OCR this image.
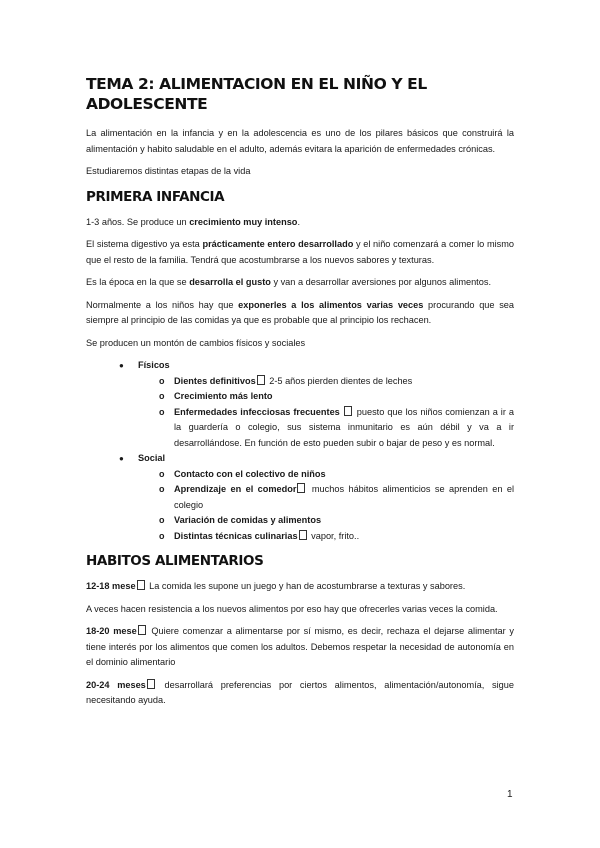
TEMA 2: ALIMENTACION EN EL NIÑO Y EL ADOLESCENTE

La alimentación en la infancia y en la adolescencia es uno de los pilares básicos que construirá la alimentación y habito saludable en el adulto, además evitara la aparición de enfermedades crónicas.

Estudiaremos distintas etapas de la vida

PRIMERA INFANCIA

1-3 años. Se produce un crecimiento muy intenso.

El sistema digestivo ya esta prácticamente entero desarrollado y el niño comenzará a comer lo mismo que el resto de la familia. Tendrá que acostumbrarse a los nuevos sabores y texturas.

Es la época en la que se desarrolla el gusto y van a desarrollar aversiones por algunos alimentos.

Normalmente a los niños hay que exponerles a los alimentos varias veces procurando que sea siempre al principio de las comidas ya que es probable que al principio los rechacen.

Se producen un montón de cambios físicos y sociales

● Físicos
o Dientes definitivos 2-5 años pierden dientes de leches
o Crecimiento más lento
o Enfermedades infecciosas frecuentes  puesto que los niños comienzan a ir a la guardería o colegio, sus sistema inmunitario es aún débil y va a ir desarrollándose. En función de esto pueden subir o bajar de peso y es normal.
● Social
o Contacto con el colectivo de niños
o Aprendizaje en el comedor muchos hábitos alimenticios se aprenden en el colegio
o Variación de comidas y alimentos
o Distintas técnicas culinarias vapor, frito..
HABITOS ALIMENTARIOS

12-18 mese La comida les supone un juego y han de acostumbrarse a texturas y sabores.

A veces hacen resistencia a los nuevos alimentos por eso hay que ofrecerles varias veces la comida.

18-20 mese Quiere comenzar a alimentarse por sí mismo, es decir, rechaza el dejarse alimentar y tiene interés por los alimentos que comen los adultos. Debemos respetar la necesidad de autonomía en el dominio alimentario

20-24 meses desarrollará preferencias por ciertos alimentos, alimentación/autonomía, sigue necesitando ayuda.

1
